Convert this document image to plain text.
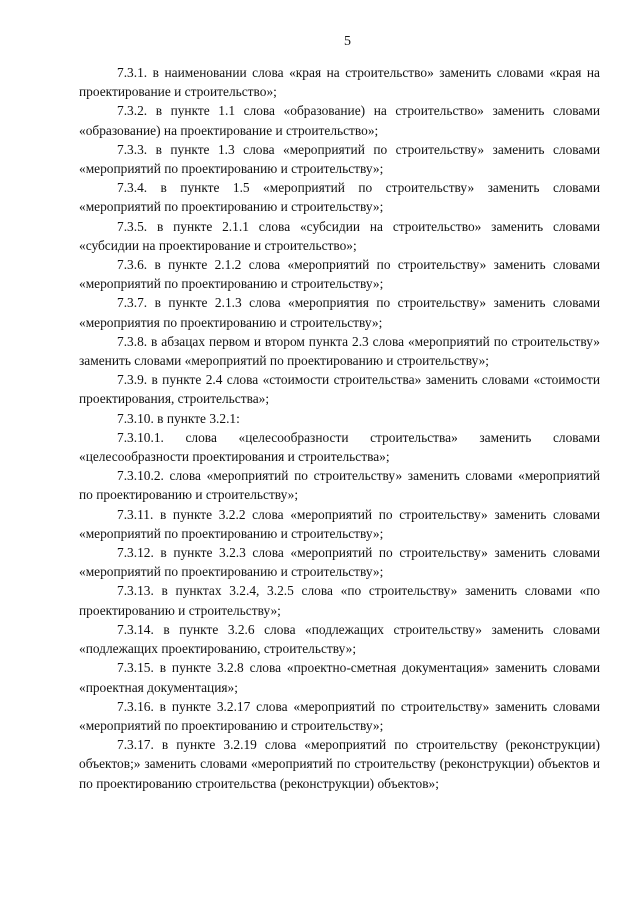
5

7.3.1. в наименовании слова «края на строительство» заменить словами «края на проектирование и строительство»;

7.3.2. в пункте 1.1 слова «образование) на строительство» заменить словами «образование) на проектирование и строительство»;

7.3.3. в пункте 1.3 слова «мероприятий по строительству» заменить словами «мероприятий по проектированию и строительству»;

7.3.4. в пункте 1.5 «мероприятий по строительству» заменить словами «мероприятий по проектированию и строительству»;

7.3.5. в пункте 2.1.1 слова «субсидии на строительство» заменить словами «субсидии на проектирование и строительство»;

7.3.6. в пункте 2.1.2 слова «мероприятий по строительству» заменить словами «мероприятий по проектированию и строительству»;

7.3.7. в пункте 2.1.3 слова «мероприятия по строительству» заменить словами «мероприятия по проектированию и строительству»;

7.3.8. в абзацах первом и втором пункта 2.3 слова «мероприятий по строительству» заменить словами «мероприятий по проектированию и строительству»;

7.3.9. в пункте 2.4 слова «стоимости строительства» заменить словами «стоимости проектирования, строительства»;

7.3.10. в пункте 3.2.1:

7.3.10.1. слова «целесообразности строительства» заменить словами «целесообразности проектирования и строительства»;

7.3.10.2. слова «мероприятий по строительству» заменить словами «мероприятий по проектированию и строительству»;

7.3.11. в пункте 3.2.2 слова «мероприятий по строительству» заменить словами «мероприятий по проектированию и строительству»;

7.3.12. в пункте 3.2.3 слова «мероприятий по строительству» заменить словами «мероприятий по проектированию и строительству»;

7.3.13. в пунктах 3.2.4, 3.2.5 слова «по строительству» заменить словами «по проектированию и строительству»;

7.3.14. в пункте 3.2.6 слова «подлежащих строительству» заменить словами «подлежащих проектированию, строительству»;

7.3.15. в пункте 3.2.8 слова «проектно-сметная документация» заменить словами «проектная документация»;

7.3.16. в пункте 3.2.17 слова «мероприятий по строительству» заменить словами «мероприятий по проектированию и строительству»;

7.3.17. в пункте 3.2.19 слова «мероприятий по строительству (реконструкции) объектов;» заменить словами «мероприятий по строительству (реконструкции) объектов и по проектированию строительства (реконструкции) объектов»;
